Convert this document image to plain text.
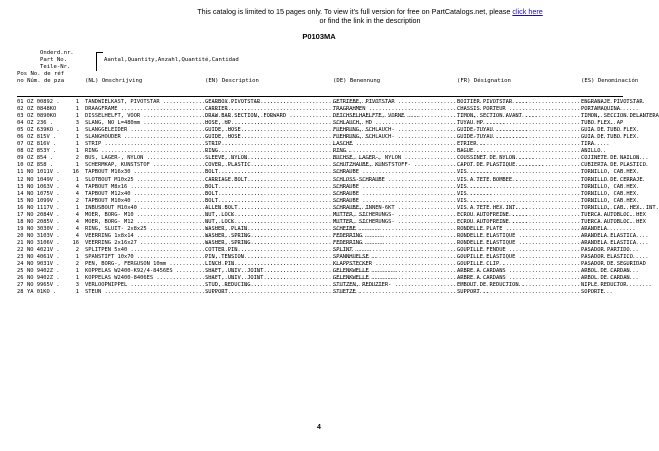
This catalog is limited to 15 pages only. To view it's full version for free on PartCatalogs.net, please click here
or find the link in the description
P0103MA
Onderd.nr.
Part No.
Teile-Nr.
Pos No. de réf
no Núm. de pza
Aantal,Quantity,Anzahl,Quantité,Cantidad
(NL) Omschrijving	(EN) Description	(DE) Benennung	(FR) Désignation	(ES) Denominación
01 OZ 00892 .	1 TANDWIELKAST, PIVOTSTAR .....	GEARBOX PIVOTSTAR .....	GETRIEBE, PIVOTSTAR .....	BOITIER PIVOTSTAR .....	ENGRANAJE PIVOTSTAR
02 OZ 0848KO	1 DRAAGFRAME .....	CARRIER .....	TRAGRAHMEN .....	CHASSIS PORTEUR .....	PORTAMAQUINA
03 OZ 0890KO	1 DISSELHELFT, VOOR .....	DRAW BAR SECTION, FORWARD .....	DEICHSELHAELFTE, VORNE .....	TIMON, SECTION AVANT .....	TIMON, SECCION DELANTERA
04 OZ 236 .	3 SLANG, NO L=480mm .....	HOSE, HP .....	SCHLAUCH, HD .....	TUYAU HP .....	TUBO FLEX. AP
05 OZ 639KO .	1 SLANGGELEIDER .....	GUIDE, HOSE .....	FUEHRUNG, SCHLAUCH- .....	GUIDE-TUYAU .....	GUIA DE TUBO FLEX.
06 OZ 815V .	1 SLANGHOUDER .....	GUIDE, HOSE .....	FUEHRUNG, SCHLAUCH- .....	GUIDE-TUYAU .....	GUIA DE TUBO FLEX.
07 OZ 816V .	1 STRIP .....	STRIP .....	LASCHE .....	ETRIER .....	TIRA
08 OZ 853Y .	1 RING .....	RING .....	RING .....	BAGUE .....	ANILLO
09 OZ 854 .	2 BUS, LAGER-, NYLON .....	SLEEVE, NYLON .....	BUCHSE, LAGER-, NYLON .....	COUSSINET DE NYLON .....	COJINETE DE NAILON
10 OZ 858 .	1 SCHERMKAP, KUNSTSTOF .....	COVER, PLASTIC .....	SCHUTZHAUBE, KUNSTSTOFF- .....	CAPOT DE PLASTIQUE .....	CUBIERTA DE PLASTICO
11 NO 1011V .	16 TAPBOUT M16x30 .....	BOLT .....	SCHRAUBE .....	VIS .....	TORNILLO, CAB.HEX.
12 NO 1049V .	1 SLOTBOUT M10x25 .....	CARRIAGE BOLT .....	SCHLOSS-SCHRAUBE .....	VIS A TETE BOMBEE .....	TORNILLO DE CERRAJE
13 NO 1063V .	4 TAPBOUT M8x16 .....	BOLT .....	SCHRAUBE .....	VIS .....	TORNILLO, CAB.HEX.
14 NO 1075V .	4 TAPBOUT M12x40 .....	BOLT .....	SCHRAUBE .....	VIS .....	TORNILLO, CAB.HEX.
15 NO 1099V .	2 TAPBOUT M10x40 .....	BOLT .....	SCHRAUBE .....	VIS .....	TORNILLO, CAB.HEX.
16 NO 1117V .	1 INBUSBOUT M10x40 .....	ALLEN BOLT .....	SCHRAUBE, INNEN-6KT .....	VIS A TETE HEX INT. .....	TORNILLO, CAB. HEX. INT.
17 NO 2084V .	4 MOER, BORG- M10 .....	NUT, LOCK .....	MUTTER, SICHERUNGS- .....	ECROU AUTOFREINE .....	TUERCA AUTOBLOC. HEX
18 NO 2085V .	4 MOER, BORG- M12 .....	NUT, LOCK .....	MUTTER, SICHERUNGS- .....	ECROU AUTOFREINE .....	TUERCA AUTOBLOC. HEX
19 NO 3030V .	4 RING, SLUIT- 2x8x25 .....	WASHER, PLAIN .....	SCHEIBE .....	RONDELLE PLATE .....	ARANDELA
20 NO 3103V .	4 VEERRING 1x8x14 .....	WASHER, SPRING .....	FEDERRING .....	RONDELLE ELASTIQUE .....	ARANDELA ELASTICA
21 NO 3106V .	16 VEERRING 2x16x27 .....	WASHER, SPRING .....	FEDERRING .....	RONDELLE ELASTIQUE .....	ARANDELA ELASTICA
22 NO 4021V .	2 SPLITPEN 5x40 .....	COTTER PIN .....	SPLINT .....	GOUPILLE FENDUE .....	PASADOR PARTIDO
23 NO 4061V .	1 SPANSTIFT 10x70 .....	PIN, TENSION .....	SPANNHUELSE .....	GOUPILLE ELASTIQUE .....	PASADOR ELASTICO
24 NO 9031V .	2 PEN, BORG-, FERGUSON 10mm .....	LINCH PIN .....	KLAPPSTECKER .....	GOUPILLE CLIP .....	PASADOR DE SEGURIDAD
25 NO 9402Z .	1 KOPPELAS W2400-K92/4-8456ES .....	SHAFT, UNIV. JOINT .....	GELENKWELLE .....	ARBRE A CARDANS .....	ARBOL DE CARDAN
26 NO 9402Z .	1 KOPPELAS W2400-8406ES .....	SHAFT, UNIV. JOINT .....	GELENKWELLE .....	ARBRE A CARDANS .....	ARBOL DE CARDAN
27 NO 9965V .	3 VERLOOPNIPPEL .....	STUD, REDUCING .....	STUTZEN, REDUZIER- .....	EMBOUT DE REDUCTION .....	NIPLE REDUCTOR
28 YA 01KO .	1 STEUN .....	SUPPORT .....	STUETZE .....	SUPPORT .....	SOPORTE
4
